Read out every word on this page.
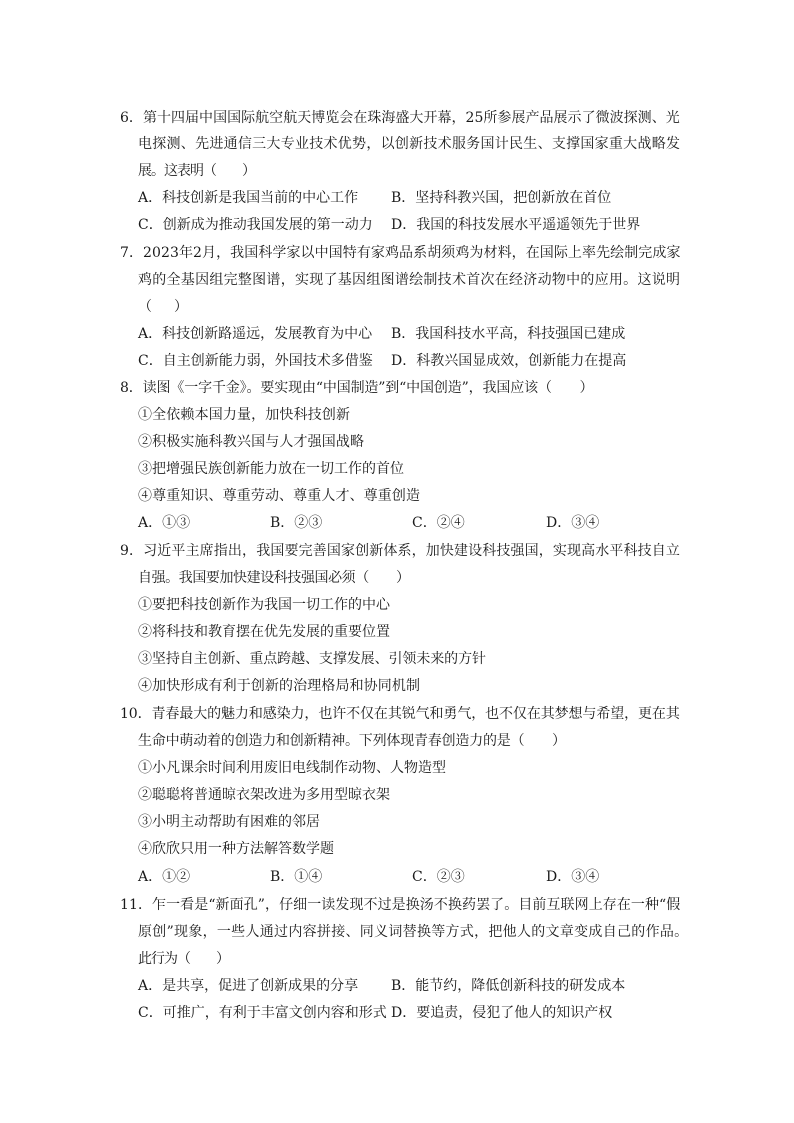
6．第十四届中国国际航空航天博览会在珠海盛大开幕，25所参展产品展示了微波探测、光
电探测、先进通信三大专业技术优势，以创新技术服务国计民生、支撑国家重大战略发
展。这表明（　　）
A．科技创新是我国当前的中心工作 B．坚持科教兴国，把创新放在首位
C．创新成为推动我国发展的第一动力 D．我国的科技发展水平遥遥领先于世界
7．2023年2月，我国科学家以中国特有家鸡品系胡须鸡为材料，在国际上率先绘制完成家
鸡的全基因组完整图谱，实现了基因组图谱绘制技术首次在经济动物中的应用。这说明
（　　）
A．科技创新路遥远，发展教育为中心 B．我国科技水平高，科技强国已建成
C．自主创新能力弱，外国技术多借鉴 D．科教兴国显成效，创新能力在提高
8．读图《一字千金》。要实现由“中国制造”到“中国创造”，我国应该（　　）
①全依赖本国力量，加快科技创新
②积极实施科教兴国与人才强国战略
③把增强民族创新能力放在一切工作的首位
④尊重知识、尊重劳动、尊重人才、尊重创造
A．①③	B．②③	C．②④	D．③④
9．习近平主席指出，我国要完善国家创新体系，加快建设科技强国，实现高水平科技自立
自强。我国要加快建设科技强国必须（　　）
①要把科技创新作为我国一切工作的中心
②将科技和教育摆在优先发展的重要位置
③坚持自主创新、重点跨越、支撑发展、引领未来的方针
④加快形成有利于创新的治理格局和协同机制
10．青春最大的魅力和感染力，也许不仅在其锐气和勇气，也不仅在其梦想与希望，更在其
生命中萌动着的创造力和创新精神。下列体现青春创造力的是（　　）
①小凡课余时间利用废旧电线制作动物、人物造型
②聪聪将普通晾衣架改进为多用型晾衣架
③小明主动帮助有困难的邻居
④欣欣只用一种方法解答数学题
A．①②	B．①④	C．②③	D．③④
11．乍一看是“新面孔”，仔细一读发现不过是换汤不换药罢了。目前互联网上存在一种“假
原创”现象，一些人通过内容拼接、同义词替换等方式，把他人的文章变成自己的作品。
此行为（　　）
A．是共享，促进了创新成果的分享 B．能节约，降低创新科技的研发成本
C．可推广，有利于丰富文创内容和形式 D．要追责，侵犯了他人的知识产权
